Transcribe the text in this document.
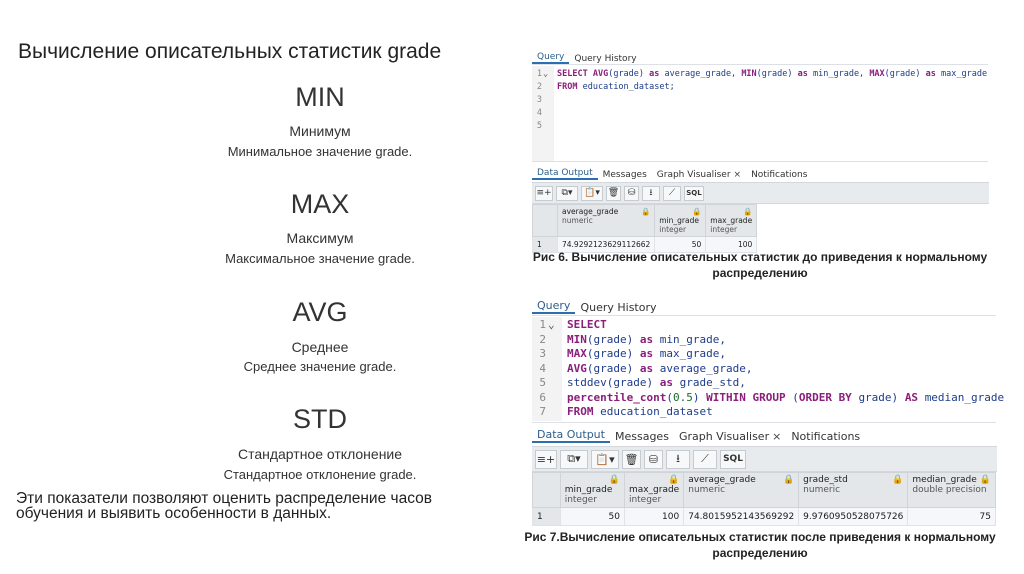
Вычисление описательных статистик grade
MIN
Минимум
Минимальное значение grade.
MAX
Максимум
Максимальное значение grade.
AVG
Среднее
Среднее значение grade.
STD
Стандартное отклонение
Стандартное отклонение grade.
Эти показатели позволяют оценить распределение часов
обучения и выявить особенности в данных.
Query	Query History
1 ⌄ SELECT AVG(grade) as average_grade, MIN(grade) as min_grade, MAX(grade) as max_grade
2 FROM education_dataset;
3
4
5
Data Output	Messages	Graph Visualiser ×	Notifications
≡+	⧉▾	📋▾ 🗑 ⛁	⭳	⟋	SQL

	🔒
average_grade
numeric	🔒
min_grade
integer	🔒
max_grade
integer

1	74.9292123629112662	50	100
Рис 6. Вычисление описательных статистик до приведения к нормальному
распределению
Query Query History
1 ⌄ SELECT
2 MIN(grade) as min_grade,
3 MAX(grade) as max_grade,
4 AVG(grade) as average_grade,
5 stddev(grade) as grade_std,
6 percentile_cont(0.5) WITHIN GROUP (ORDER BY grade) AS median_grade
7 FROM education_dataset
Data Output Messages Graph Visualiser × Notifications
≡+	⧉▾	📋▾ 🗑 ⛁	⭳	⟋	SQL

	🔒
min_grade
integer	🔒
max_grade
integer	🔒
average_grade
numeric	🔒
grade_std
numeric	🔒
median_grade
double precision

1	50	100	74.8015952143569292	9.9760950528075726	75
Рис 7.Вычисление описательных статистик после приведения к нормальному
распределению
